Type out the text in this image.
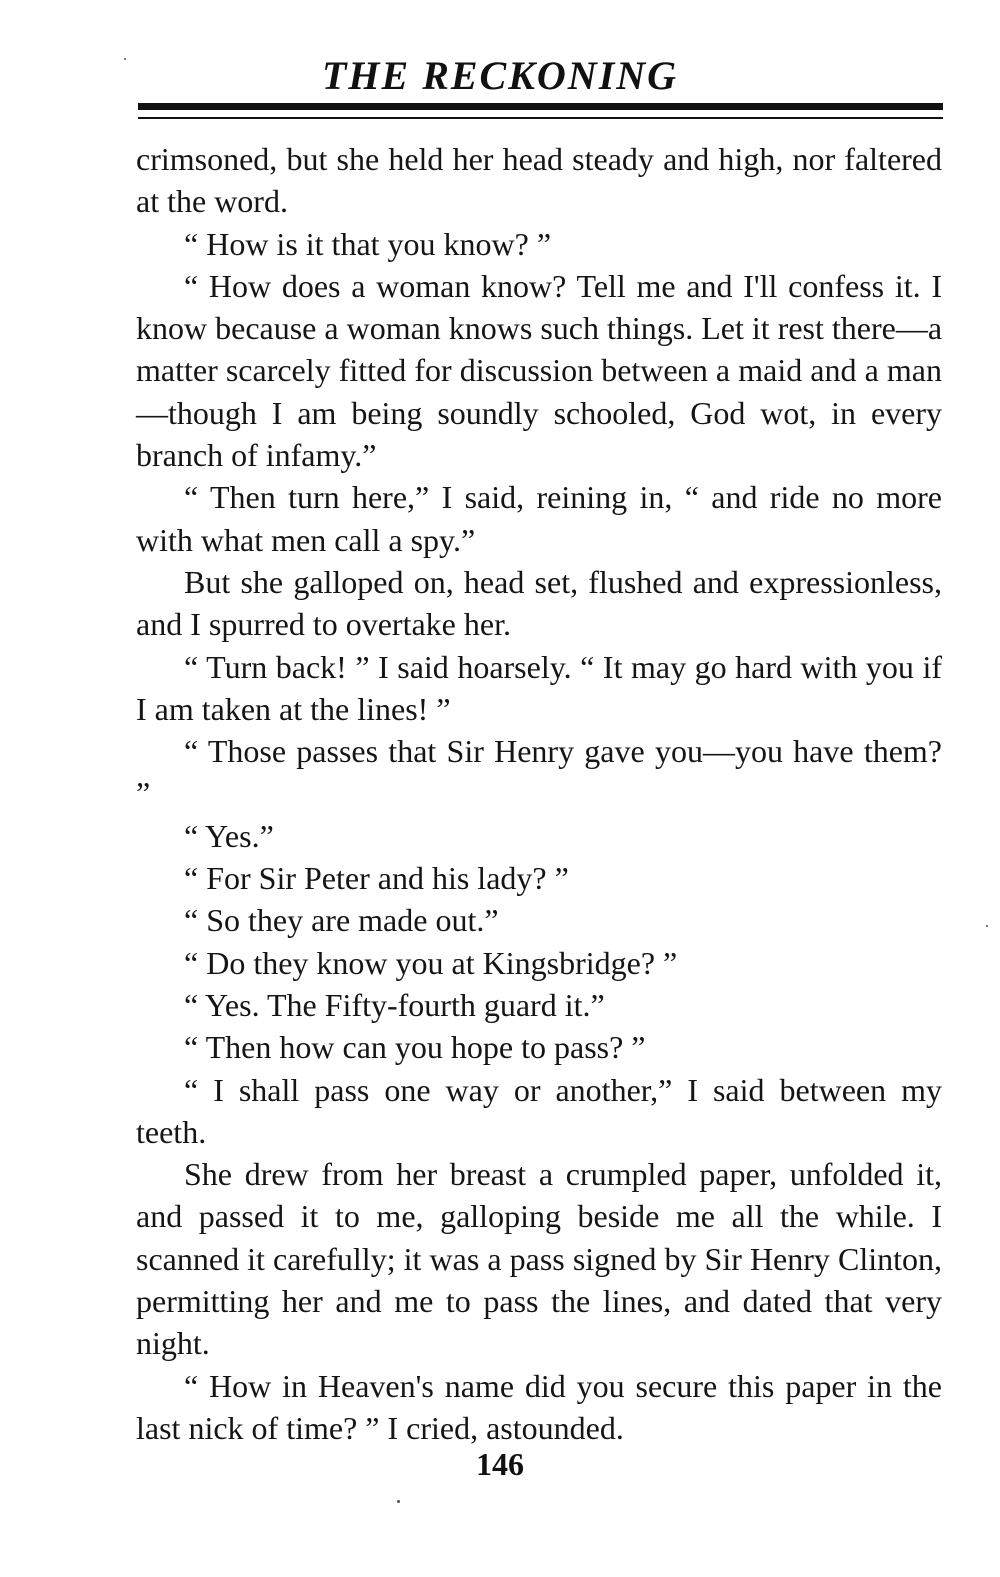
THE RECKONING

crimsoned, but she held her head steady and high, nor faltered at the word.

“ How is it that you know? ”

“ How does a woman know? Tell me and I'll confess it. I know because a woman knows such things. Let it rest there—a matter scarcely fitted for discussion between a maid and a man—though I am being soundly schooled, God wot, in every branch of infamy.”

“ Then turn here,” I said, reining in, “ and ride no more with what men call a spy.”

But she galloped on, head set, flushed and expressionless, and I spurred to overtake her.

“ Turn back! ” I said hoarsely. “ It may go hard with you if I am taken at the lines! ”

“ Those passes that Sir Henry gave you—you have them? ”

“ Yes.”

“ For Sir Peter and his lady? ”

“ So they are made out.”

“ Do they know you at Kingsbridge? ”

“ Yes. The Fifty-fourth guard it.”

“ Then how can you hope to pass? ”

“ I shall pass one way or another,” I said between my teeth.

She drew from her breast a crumpled paper, unfolded it, and passed it to me, galloping beside me all the while. I scanned it carefully; it was a pass signed by Sir Henry Clinton, permitting her and me to pass the lines, and dated that very night.

“ How in Heaven's name did you secure this paper in the last nick of time? ” I cried, astounded.

146
